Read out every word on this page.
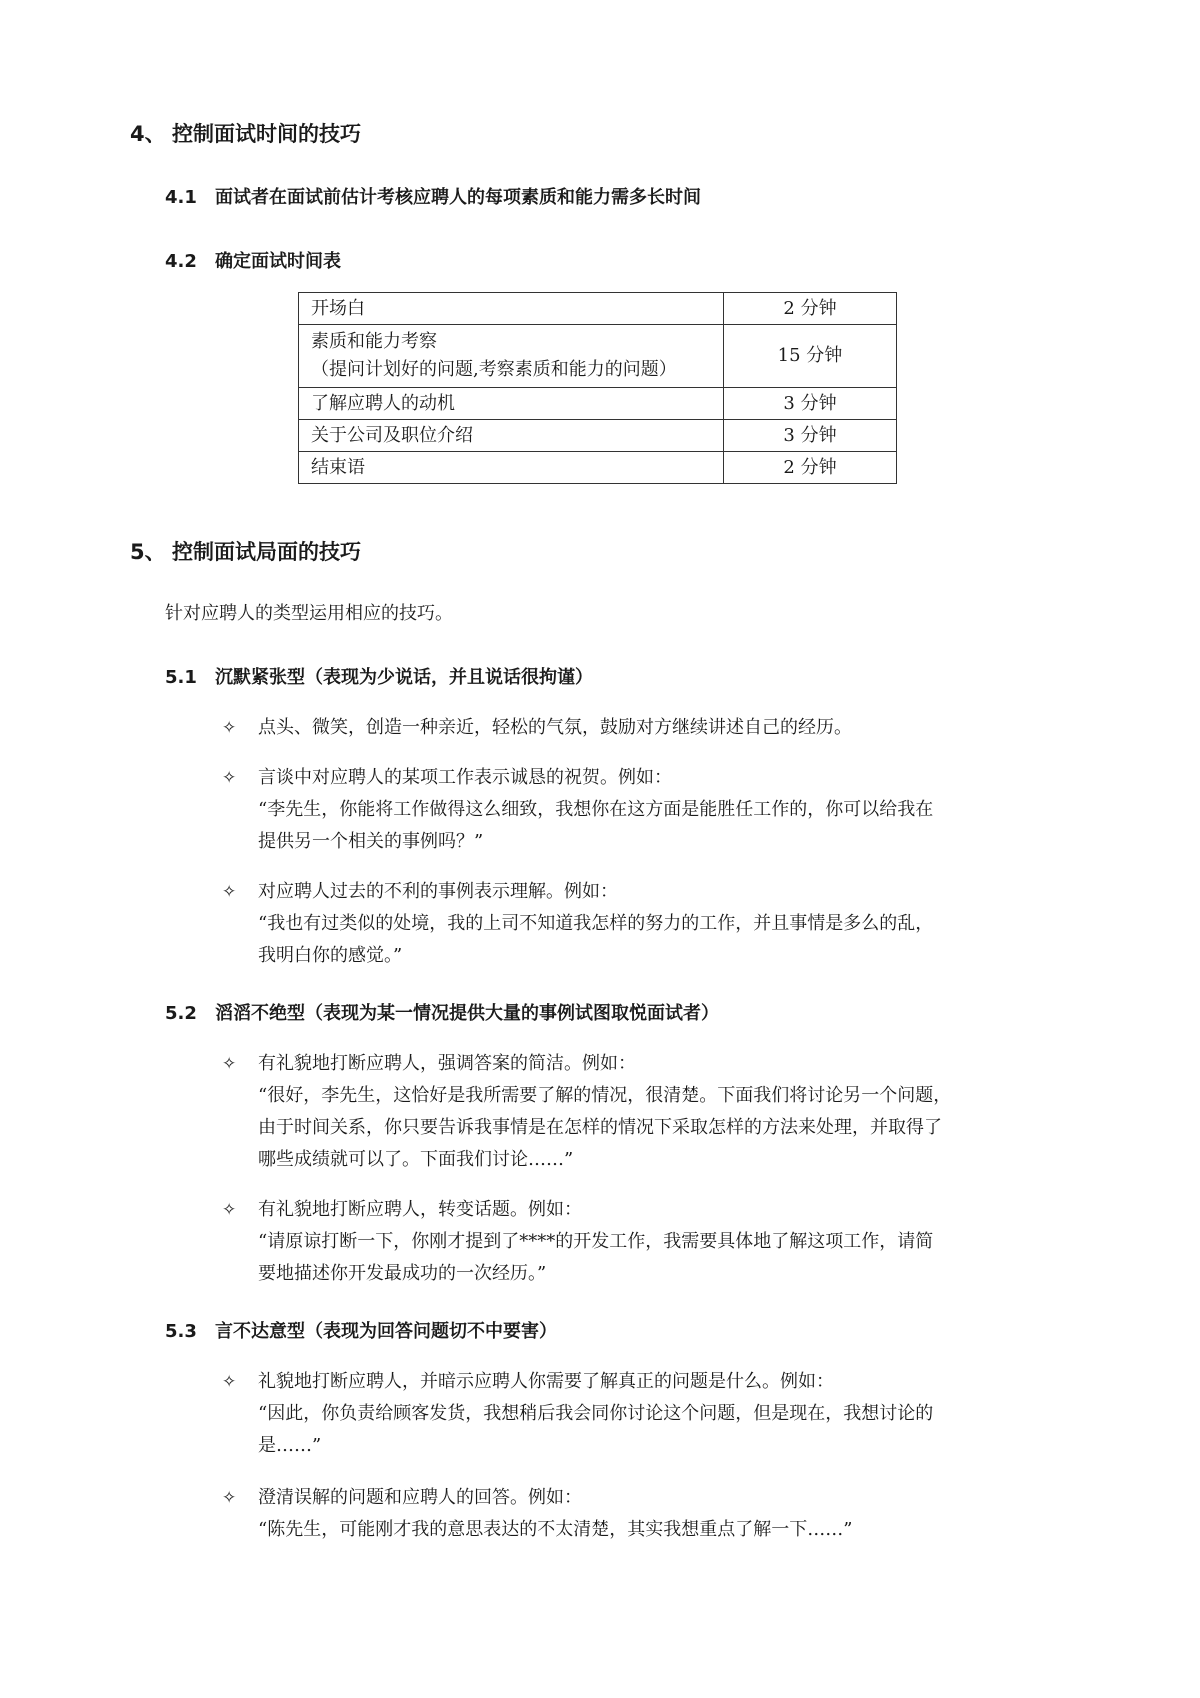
4、 控制面试时间的技巧
4.1 面试者在面试前估计考核应聘人的每项素质和能力需多长时间
4.2 确定面试时间表
开场白	2 分钟

素质和能力考察
（提问计划好的问题,考察素质和能力的问题）	15 分钟
了解应聘人的动机	3 分钟
关于公司及职位介绍	3 分钟
结束语	2 分钟
5、 控制面试局面的技巧
针对应聘人的类型运用相应的技巧。
5.1 沉默紧张型（表现为少说话，并且说话很拘谨）
✧ 点头、微笑，创造一种亲近，轻松的气氛，鼓励对方继续讲述自己的经历。
✧ 言谈中对应聘人的某项工作表示诚恳的祝贺。例如：
“李先生，你能将工作做得这么细致，我想你在这方面是能胜任工作的，你可以给我在
提供另一个相关的事例吗？”
✧ 对应聘人过去的不利的事例表示理解。例如：
“我也有过类似的处境，我的上司不知道我怎样的努力的工作，并且事情是多么的乱，
我明白你的感觉。”
5.2 滔滔不绝型（表现为某一情况提供大量的事例试图取悦面试者）
✧ 有礼貌地打断应聘人，强调答案的简洁。例如：
“很好，李先生，这恰好是我所需要了解的情况，很清楚。下面我们将讨论另一个问题，
由于时间关系，你只要告诉我事情是在怎样的情况下采取怎样的方法来处理，并取得了
哪些成绩就可以了。下面我们讨论……”
✧ 有礼貌地打断应聘人，转变话题。例如：
“请原谅打断一下，你刚才提到了****的开发工作，我需要具体地了解这项工作，请简
要地描述你开发最成功的一次经历。”
5.3 言不达意型（表现为回答问题切不中要害）
✧ 礼貌地打断应聘人，并暗示应聘人你需要了解真正的问题是什么。例如：
“因此，你负责给顾客发货，我想稍后我会同你讨论这个问题，但是现在，我想讨论的
是……”
✧ 澄清误解的问题和应聘人的回答。例如：
“陈先生，可能刚才我的意思表达的不太清楚，其实我想重点了解一下……”
